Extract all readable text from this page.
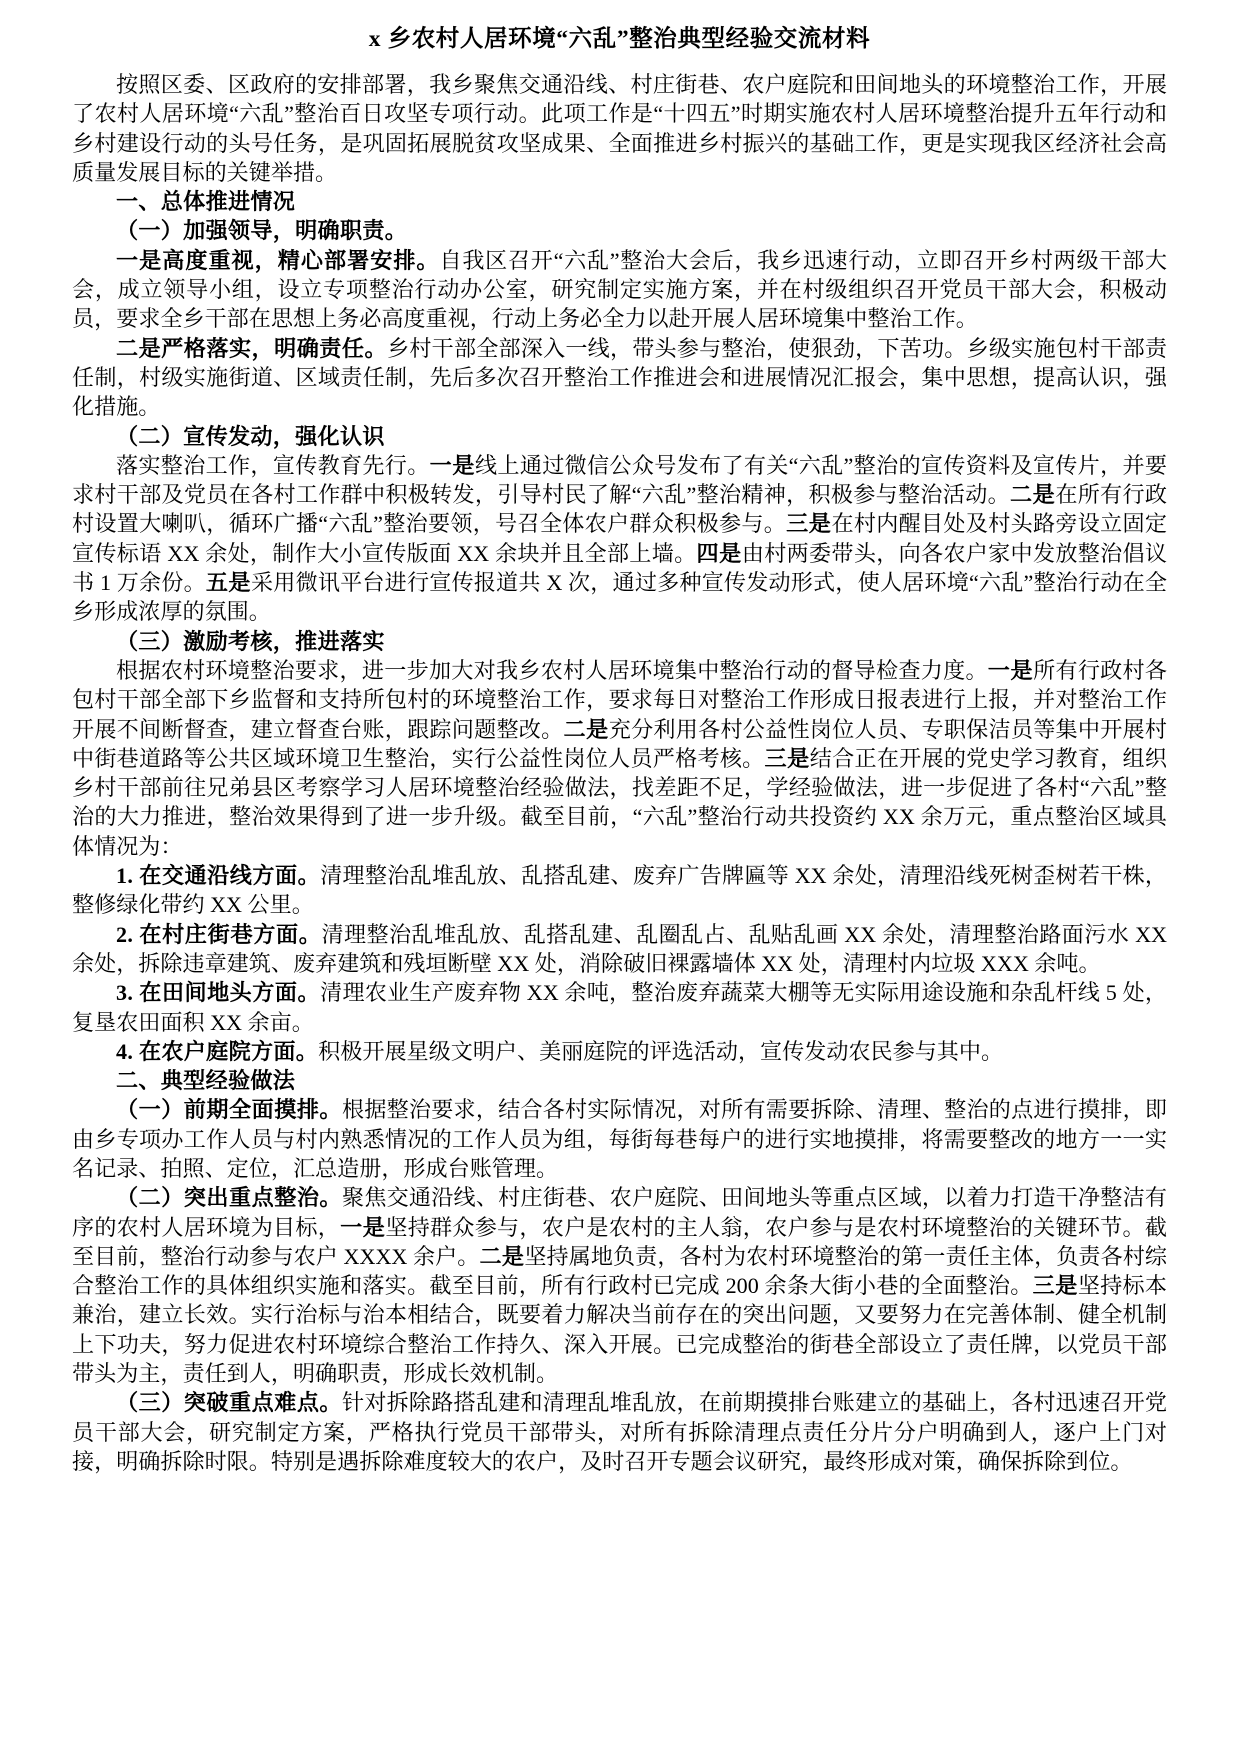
x 乡农村人居环境“六乱”整治典型经验交流材料

按照区委、区政府的安排部署，我乡聚焦交通沿线、村庄街巷、农户庭院和田间地头的环境整治工作，开展了农村人居环境“六乱”整治百日攻坚专项行动。此项工作是“十四五”时期实施农村人居环境整治提升五年行动和乡村建设行动的头号任务，是巩固拓展脱贫攻坚成果、全面推进乡村振兴的基础工作，更是实现我区经济社会高质量发展目标的关键举措。

一、总体推进情况

（一）加强领导，明确职责。

一是高度重视，精心部署安排。自我区召开“六乱”整治大会后，我乡迅速行动，立即召开乡村两级干部大会，成立领导小组，设立专项整治行动办公室，研究制定实施方案，并在村级组织召开党员干部大会，积极动员，要求全乡干部在思想上务必高度重视，行动上务必全力以赴开展人居环境集中整治工作。

二是严格落实，明确责任。乡村干部全部深入一线，带头参与整治，使狠劲，下苦功。乡级实施包村干部责任制，村级实施街道、区域责任制，先后多次召开整治工作推进会和进展情况汇报会，集中思想，提高认识，强化措施。

（二）宣传发动，强化认识

落实整治工作，宣传教育先行。一是线上通过微信公众号发布了有关“六乱”整治的宣传资料及宣传片，并要求村干部及党员在各村工作群中积极转发，引导村民了解“六乱”整治精神，积极参与整治活动。二是在所有行政村设置大喇叭，循环广播“六乱”整治要领，号召全体农户群众积极参与。三是在村内醒目处及村头路旁设立固定宣传标语 XX 余处，制作大小宣传版面 XX 余块并且全部上墙。四是由村两委带头，向各农户家中发放整治倡议书 1 万余份。五是采用微讯平台进行宣传报道共 X 次，通过多种宣传发动形式，使人居环境“六乱”整治行动在全乡形成浓厚的氛围。

（三）激励考核，推进落实

根据农村环境整治要求，进一步加大对我乡农村人居环境集中整治行动的督导检查力度。一是所有行政村各包村干部全部下乡监督和支持所包村的环境整治工作，要求每日对整治工作形成日报表进行上报，并对整治工作开展不间断督查，建立督查台账，跟踪问题整改。二是充分利用各村公益性岗位人员、专职保洁员等集中开展村中街巷道路等公共区域环境卫生整治，实行公益性岗位人员严格考核。三是结合正在开展的党史学习教育，组织乡村干部前往兄弟县区考察学习人居环境整治经验做法，找差距不足，学经验做法，进一步促进了各村“六乱”整治的大力推进，整治效果得到了进一步升级。截至目前，“六乱”整治行动共投资约 XX 余万元，重点整治区域具体情况为：

1. 在交通沿线方面。清理整治乱堆乱放、乱搭乱建、废弃广告牌匾等 XX 余处，清理沿线死树歪树若干株，整修绿化带约 XX 公里。

2. 在村庄街巷方面。清理整治乱堆乱放、乱搭乱建、乱圈乱占、乱贴乱画 XX 余处，清理整治路面污水 XX 余处，拆除违章建筑、废弃建筑和残垣断壁 XX 处，消除破旧裸露墙体 XX 处，清理村内垃圾 XXX 余吨。

3. 在田间地头方面。清理农业生产废弃物 XX 余吨，整治废弃蔬菜大棚等无实际用途设施和杂乱杆线 5 处，复垦农田面积 XX 余亩。

4. 在农户庭院方面。积极开展星级文明户、美丽庭院的评选活动，宣传发动农民参与其中。

二、典型经验做法

（一）前期全面摸排。根据整治要求，结合各村实际情况，对所有需要拆除、清理、整治的点进行摸排，即由乡专项办工作人员与村内熟悉情况的工作人员为组，每街每巷每户的进行实地摸排，将需要整改的地方一一实名记录、拍照、定位，汇总造册，形成台账管理。

（二）突出重点整治。聚焦交通沿线、村庄街巷、农户庭院、田间地头等重点区域，以着力打造干净整洁有序的农村人居环境为目标，一是坚持群众参与，农户是农村的主人翁，农户参与是农村环境整治的关键环节。截至目前，整治行动参与农户 XXXX 余户。二是坚持属地负责，各村为农村环境整治的第一责任主体，负责各村综合整治工作的具体组织实施和落实。截至目前，所有行政村已完成 200 余条大街小巷的全面整治。三是坚持标本兼治，建立长效。实行治标与治本相结合，既要着力解决当前存在的突出问题，又要努力在完善体制、健全机制上下功夫，努力促进农村环境综合整治工作持久、深入开展。已完成整治的街巷全部设立了责任牌，以党员干部带头为主，责任到人，明确职责，形成长效机制。

（三）突破重点难点。针对拆除路搭乱建和清理乱堆乱放，在前期摸排台账建立的基础上，各村迅速召开党员干部大会，研究制定方案，严格执行党员干部带头，对所有拆除清理点责任分片分户明确到人，逐户上门对接，明确拆除时限。特别是遇拆除难度较大的农户，及时召开专题会议研究，最终形成对策，确保拆除到位。
